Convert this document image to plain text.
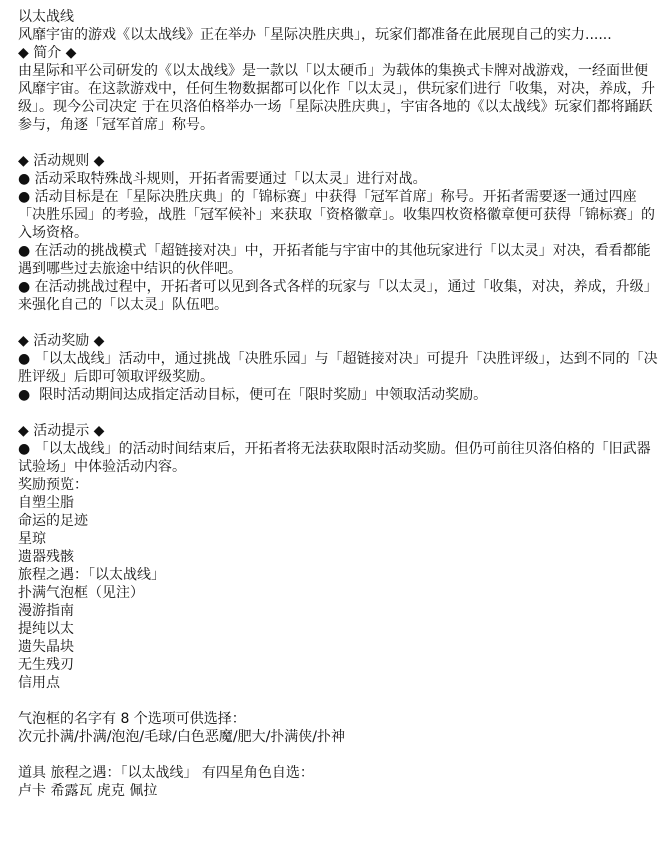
以太战线

风靡宇宙的游戏《以太战线》正在举办「星际决胜庆典」，玩家们都准备在此展现自己的实力......

◆ 简介 ◆

由星际和平公司研发的《以太战线》是一款以「以太硬币」为载体的集换式卡牌对战游戏，一经面世便风靡宇宙。在这款游戏中，任何生物数据都可以化作「以太灵」，供玩家们进行「收集，对决，养成，升级」。现今公司决定 于在贝洛伯格举办一场「星际决胜庆典」，宇宙各地的《以太战线》玩家们都将踊跃参与，角逐「冠军首席」称号。

◆ 活动规则 ◆

● 活动采取特殊战斗规则，开拓者需要通过「以太灵」进行对战。

● 活动目标是在「星际决胜庆典」的「锦标赛」中获得「冠军首席」称号。开拓者需要逐一通过四座「决胜乐园」的考验，战胜「冠军候补」来获取「资格徽章」。收集四枚资格徽章便可获得「锦标赛」的入场资格。

● 在活动的挑战模式「超链接对决」中，开拓者能与宇宙中的其他玩家进行「以太灵」对决，看看都能遇到哪些过去旅途中结识的伙伴吧。

● 在活动挑战过程中，开拓者可以见到各式各样的玩家与「以太灵」，通过「收集，对决，养成，升级」来强化自己的「以太灵」队伍吧。

◆ 活动奖励 ◆

● 「以太战线」活动中，通过挑战「决胜乐园」与「超链接对决」可提升「决胜评级」，达到不同的「决胜评级」后即可领取评级奖励。

●  限时活动期间达成指定活动目标，便可在「限时奖励」中领取活动奖励。

◆ 活动提示 ◆

● 「以太战线」的活动时间结束后，开拓者将无法获取限时活动奖励。但仍可前往贝洛伯格的「旧武器试验场」中体验活动内容。

奖励预览：

自塑尘脂

命运的足迹

星琼

遗器残骸

旅程之遇：「以太战线」

扑满气泡框（见注）

漫游指南

提纯以太

遗失晶块

无生残刃

信用点

气泡框的名字有 8 个选项可供选择：

次元扑满/扑满/泡泡/毛球/白色恶魔/肥大/扑满侠/扑神

道具 旅程之遇：「以太战线」 有四星角色自选：

卢卡 希露瓦 虎克 佩拉
